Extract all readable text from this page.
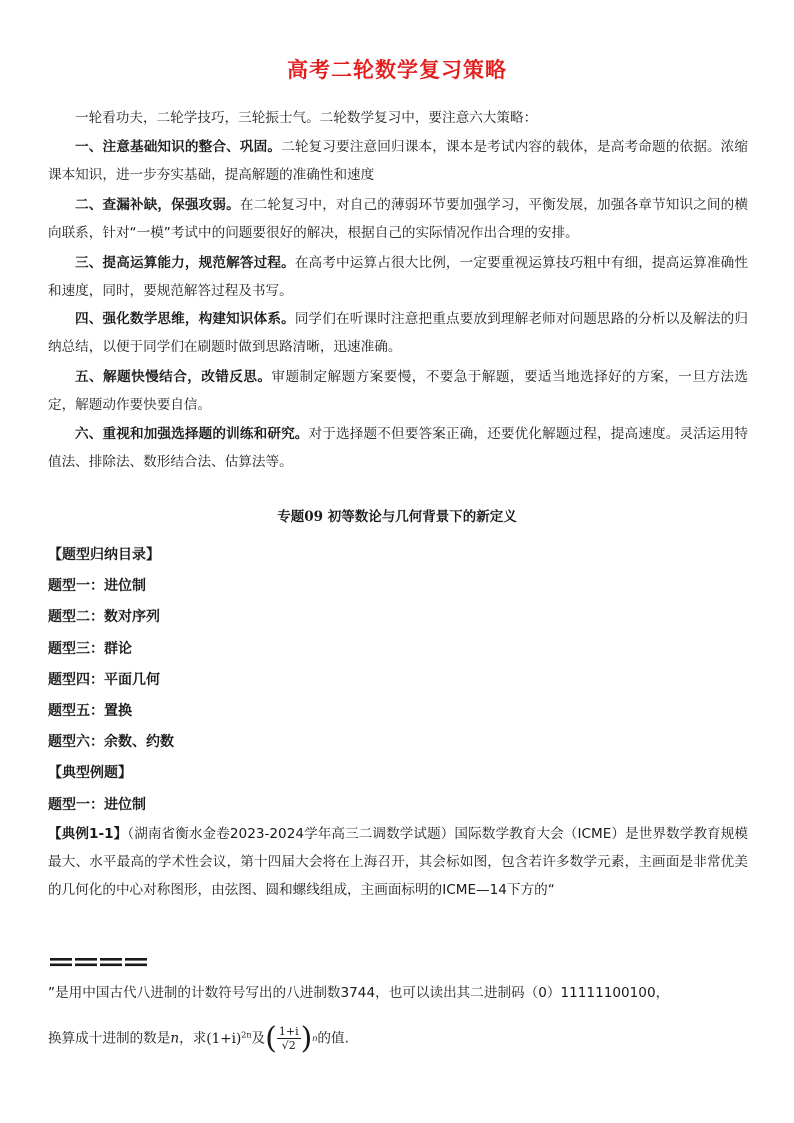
高考二轮数学复习策略

一轮看功夫，二轮学技巧，三轮振士气。二轮数学复习中，要注意六大策略：

一、注意基础知识的整合、巩固。二轮复习要注意回归课本，课本是考试内容的载体，是高考命题的依据。浓缩课本知识，进一步夯实基础，提高解题的准确性和速度

二、查漏补缺，保强攻弱。在二轮复习中，对自己的薄弱环节要加强学习，平衡发展，加强各章节知识之间的横向联系，针对“一模”考试中的问题要很好的解决，根据自己的实际情况作出合理的安排。

三、提高运算能力，规范解答过程。在高考中运算占很大比例，一定要重视运算技巧粗中有细，提高运算准确性和速度，同时，要规范解答过程及书写。

四、强化数学思维，构建知识体系。同学们在听课时注意把重点要放到理解老师对问题思路的分析以及解法的归纳总结，以便于同学们在刷题时做到思路清晰，迅速准确。

五、解题快慢结合，改错反思。审题制定解题方案要慢，不要急于解题，要适当地选择好的方案，一旦方法选定，解题动作要快要自信。

六、重视和加强选择题的训练和研究。对于选择题不但要答案正确，还要优化解题过程，提高速度。灵活运用特值法、排除法、数形结合法、估算法等。

专题09 初等数论与几何背景下的新定义
【题型归纳目录】
题型一：进位制
题型二：数对序列
题型三：群论
题型四：平面几何
题型五：置换
题型六：余数、约数
【典型例题】
题型一：进位制

【典例1-1】（湖南省衡水金卷2023-2024学年高三二调数学试题）国际数学教育大会（ICME）是世界数学教育规模最大、水平最高的学术性会议，第十四届大会将在上海召开，其会标如图，包含若许多数学元素，主画面是非常优美的几何化的中心对称图形，由弦图、圆和螺线组成，主画面标明的ICME—14下方的“

”是用中国古代八进制的计数符号写出的八进制数3744，也可以读出其二进制码（0）11111100100，

换算成十进制的数是n，求$(1+i)^{2n}$及 ( $\frac{1+i}{√2}$ ) n 的值.
